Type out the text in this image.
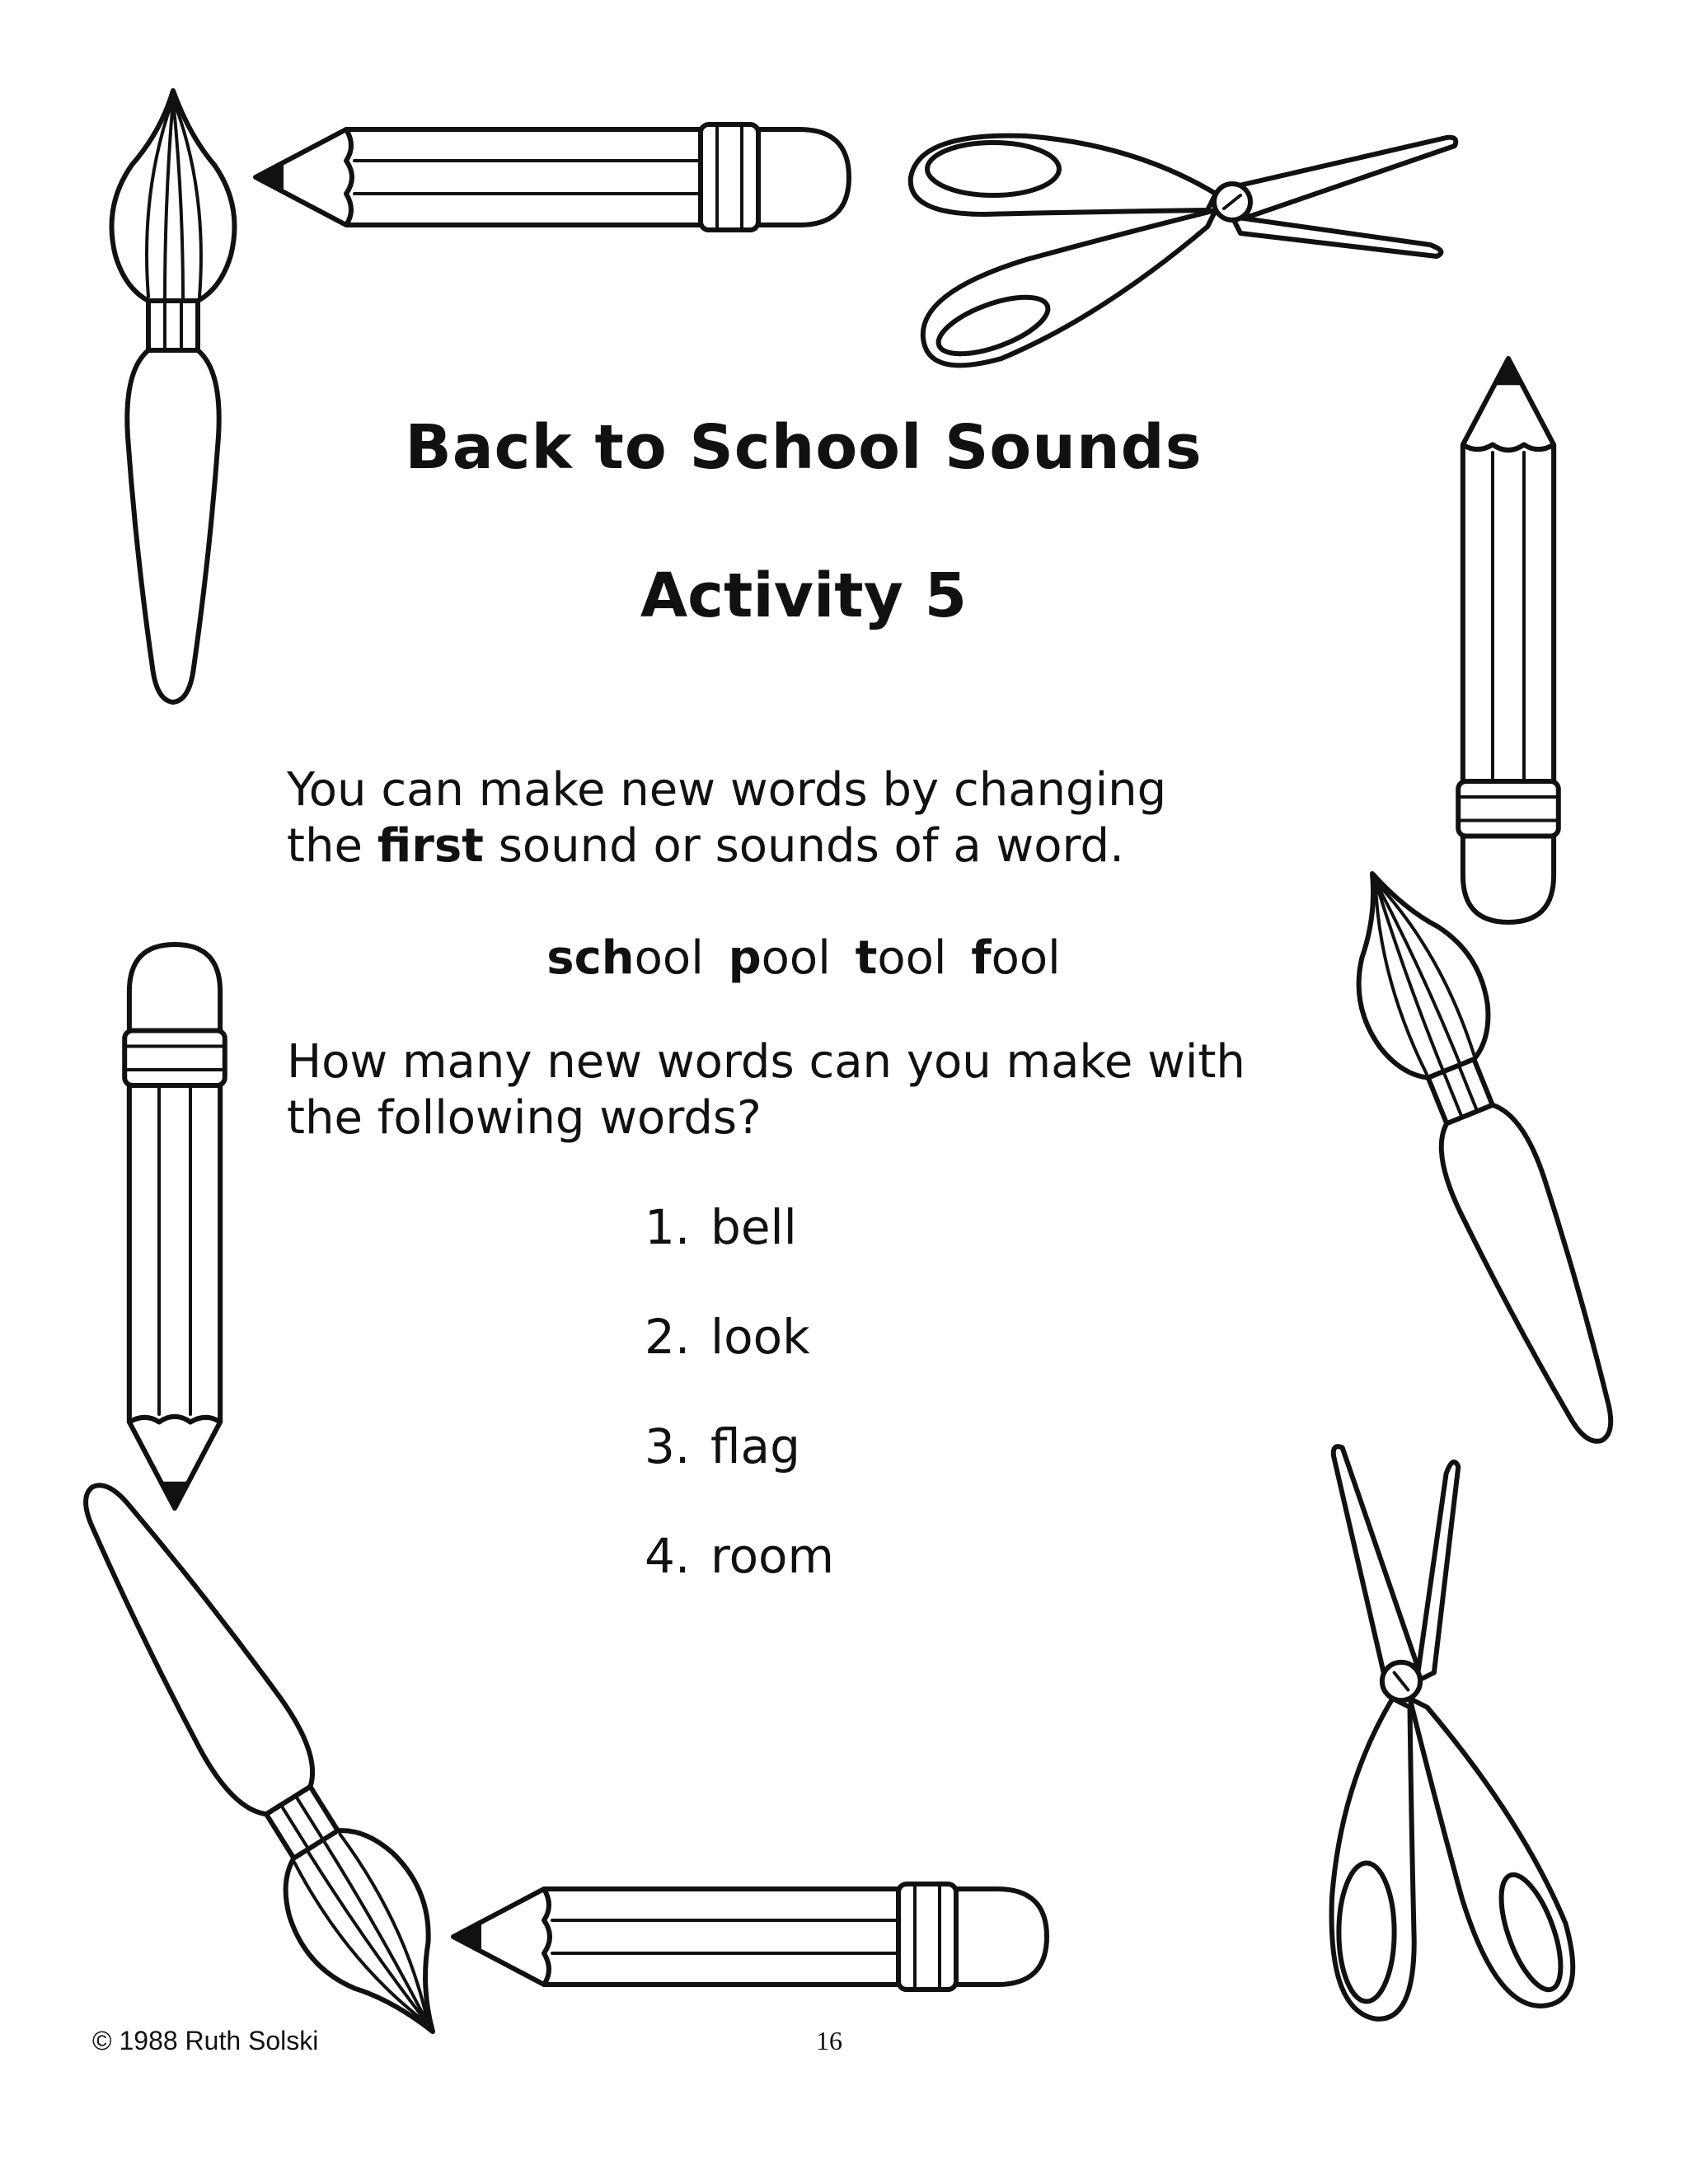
Back to School Sounds
Activity 5

You can make new words by changing
the first sound or sounds of a word.

school pool tool fool

How many new words can you make with
the following words?

1. bell
2. look
3. flag
4. room
© 1988 Ruth Solski	16
